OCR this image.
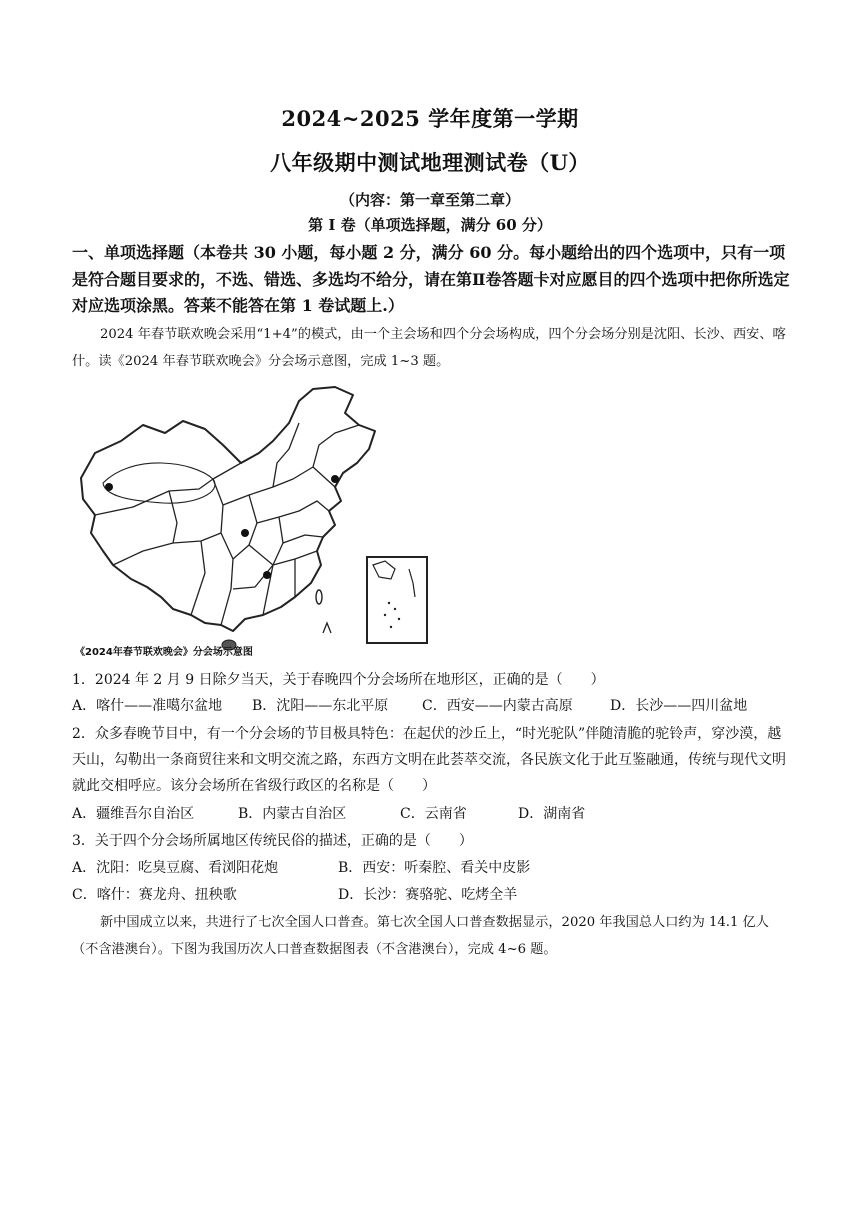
2024~2025 学年度第一学期
八年级期中测试地理测试卷（U）
（内容：第一章至第二章）
第 I 卷（单项选择题，满分 60 分）
一、单项选择题（本卷共 30 小题，每小题 2 分，满分 60 分。每小题给出的四个选项中，只有一项是符合题目要求的，不选、错选、多选均不给分，请在第Ⅱ卷答题卡对应愿目的四个选项中把你所选定对应选项涂黑。答莱不能答在第 1 卷试题上.）
2024 年春节联欢晚会采用“1+4”的模式，由一个主会场和四个分会场构成，四个分会场分别是沈阳、长沙、西安、喀什。读《2024 年春节联欢晚会》分会场示意图，完成 1~3 题。
《2024年春节联欢晚会》分会场示意图
1．2024 年 2 月 9 日除夕当天，关于春晚四个分会场所在地形区，正确的是（　　）
A．喀什——准噶尔盆地 B．沈阳——东北平原 C．西安——内蒙古高原	D．长沙——四川盆地
2．众多春晚节目中，有一个分会场的节目极具特色：在起伏的沙丘上，“时光驼队”伴随清脆的驼铃声，穿沙漠，越天山，勾勒出一条商贸往来和文明交流之路，东西方文明在此荟萃交流，各民族文化于此互鉴融通，传统与现代文明就此交相呼应。该分会场所在省级行政区的名称是（　　）
A．疆维吾尔自治区	B．内蒙古自治区	C．云南省	D．湖南省
3．关于四个分会场所属地区传统民俗的描述，正确的是（　　）
A．沈阳：吃臭豆腐、看浏阳花炮	B．西安：听秦腔、看关中皮影
C．喀什：赛龙舟、扭秧歌	D．长沙：赛骆驼、吃烤全羊
新中国成立以来，共进行了七次全国人口普查。第七次全国人口普查数据显示，2020 年我国总人口约为 14.1 亿人（不含港澳台）。下图为我国历次人口普查数据图表（不含港澳台），完成 4~6 题。
